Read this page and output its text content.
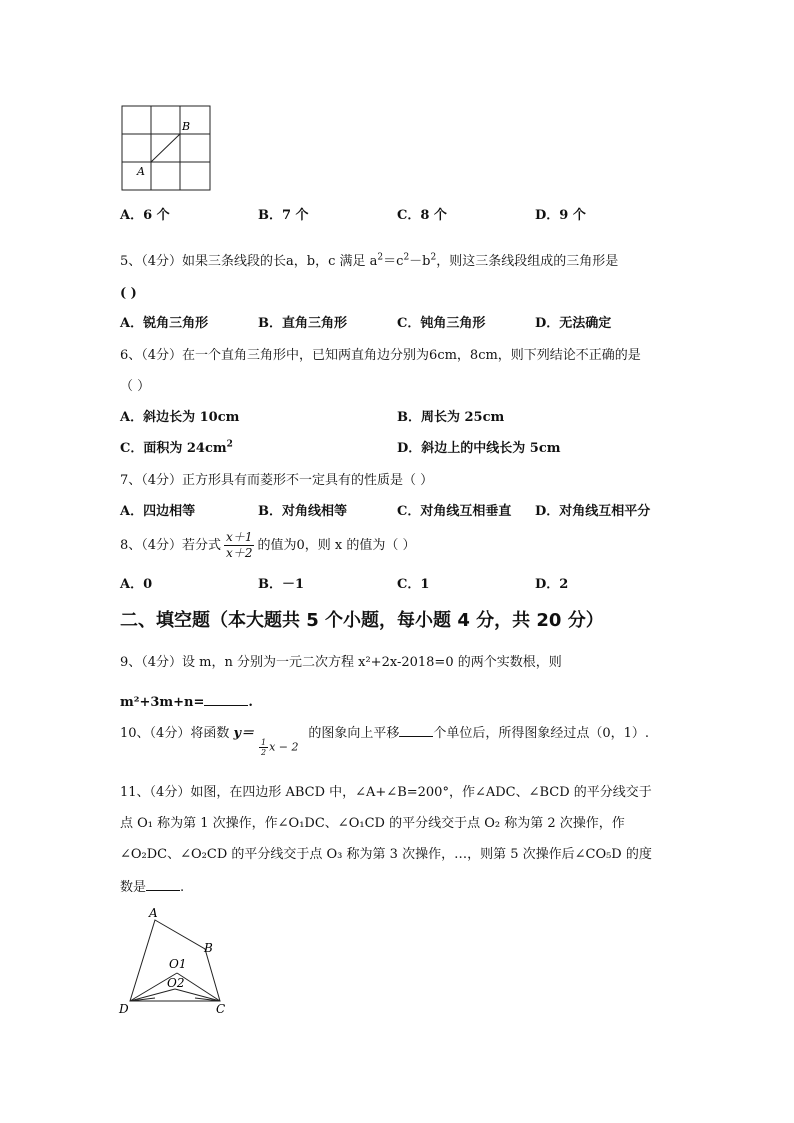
B
A
A．6 个	B．7 个	C．8 个	D．9 个
5、（4分）如果三条线段的长a，b，c 满足 $a^2=c^2-b^2$，则这三条线段组成的三角形是
( )
A．锐角三角形	B．直角三角形	C．钝角三角形	D．无法确定
6、（4分）在一个直角三角形中，已知两直角边分别为6cm，8cm，则下列结论不正确的是
（ ）
A．斜边长为 10cm	B．周长为 25cm
C．面积为 $24cm^2$	D．斜边上的中线长为 5cm
7、（4分）正方形具有而菱形不一定具有的性质是（ ）
A．四边相等	B．对角线相等	C．对角线互相垂直 D．对角线互相平分
8、（4分）若分式 $\frac{x+1}{x+2}$ 的值为0，则 x 的值为（ ）
A．0	B．－1	C．1	D．2
二、填空题（本大题共 5 个小题，每小题 4 分，共 20 分）
9、（4分）设 m，n 分别为一元二次方程 x²+2x-2018=0 的两个实数根，则
m²+3m+n=	.
10、（4分）将函数 y＝	的图象向上平移	个单位后，所得图象经过点（0，1）.
$\frac{1}{2}$ x − 2
11、（4分）如图，在四边形 ABCD 中，∠A+∠B=200°，作∠ADC、∠BCD 的平分线交于
点 O₁ 称为第 1 次操作，作∠O₁DC、∠O₁CD 的平分线交于点 O₂ 称为第 2 次操作，作
∠O₂DC、∠O₂CD 的平分线交于点 O₃ 称为第 3 次操作，…，则第 5 次操作后∠CO₅D 的度
数是	.
A
B
O1
O2
D	C
